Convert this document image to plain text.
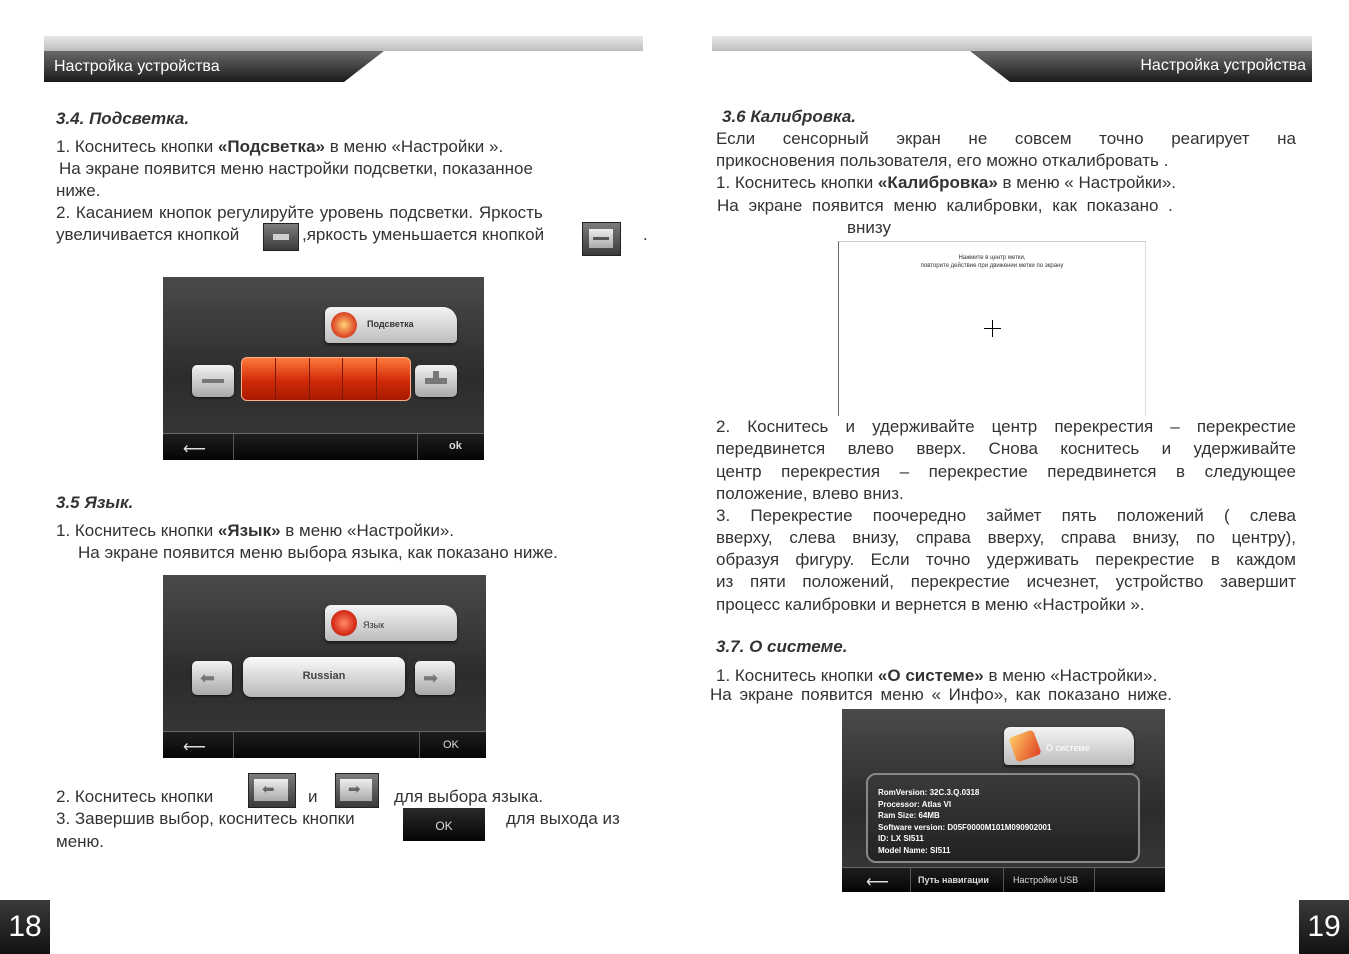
Настройка устройства
3.4. Подсветка.
1. Коснитесь кнопки «Подсветка» в меню «Настройки ».
На экране появится меню настройки подсветки, показанное
ниже.
2. Касанием кнопок регулируйте уровень подсветки. Яркость
увеличивается кнопкой	,яркость уменьшается кнопкой	.
Подсветка
⟵	ok
3.5 Язык.
1. Коснитесь кнопки «Язык» в меню «Настройки».
На экране появится меню выбора языка, как показано ниже.
Язык
⬅	Russian	➡
⟵	OK
2. Коснитесь кнопки	⬅ и ➡ для выбора языка.
3. Завершив выбор, коснитесь кнопки	OK	для выхода из
меню.
18
Настройка устройства
3.6 Калибровка.
Если сенсорный экран не совсем точно реагирует на
прикосновения пользователя, его можно откалибровать .
1. Коснитесь кнопки «Калибровка» в меню « Настройки».
На экране появится меню калибровки, как показано .
внизу
Нажмите в центр метки,
повторите действие при движении метки по экрану
2. Коснитесь и удерживайте центр перекрестия – перекрестие
передвинется влево вверх. Снова коснитесь и удерживайте
центр перекрестия – перекрестие передвинется в следующее
положение, влево вниз.
3. Перекрестие поочередно займет пять положений ( слева
вверху, слева внизу, справа вверху, справа внизу, по центру),
образуя фигуру. Если точно удерживать перекрестие в каждом
из пяти положений, перекрестие исчезнет, устройство завершит
процесс калибровки и вернется в меню «Настройки ».
3.7. О системе.
1. Коснитесь кнопки «О системе» в меню «Настройки».
На экране появится меню « Инфо», как показано ниже.
О системе
RomVersion: 32C.3.Q.0318
Processor: Atlas VI
Ram Size: 64MB
Software version: D05F0000M101M090902001
ID: LX SI511
Model Name: SI511
⟵	Путь навигации	Настройки USB
19
